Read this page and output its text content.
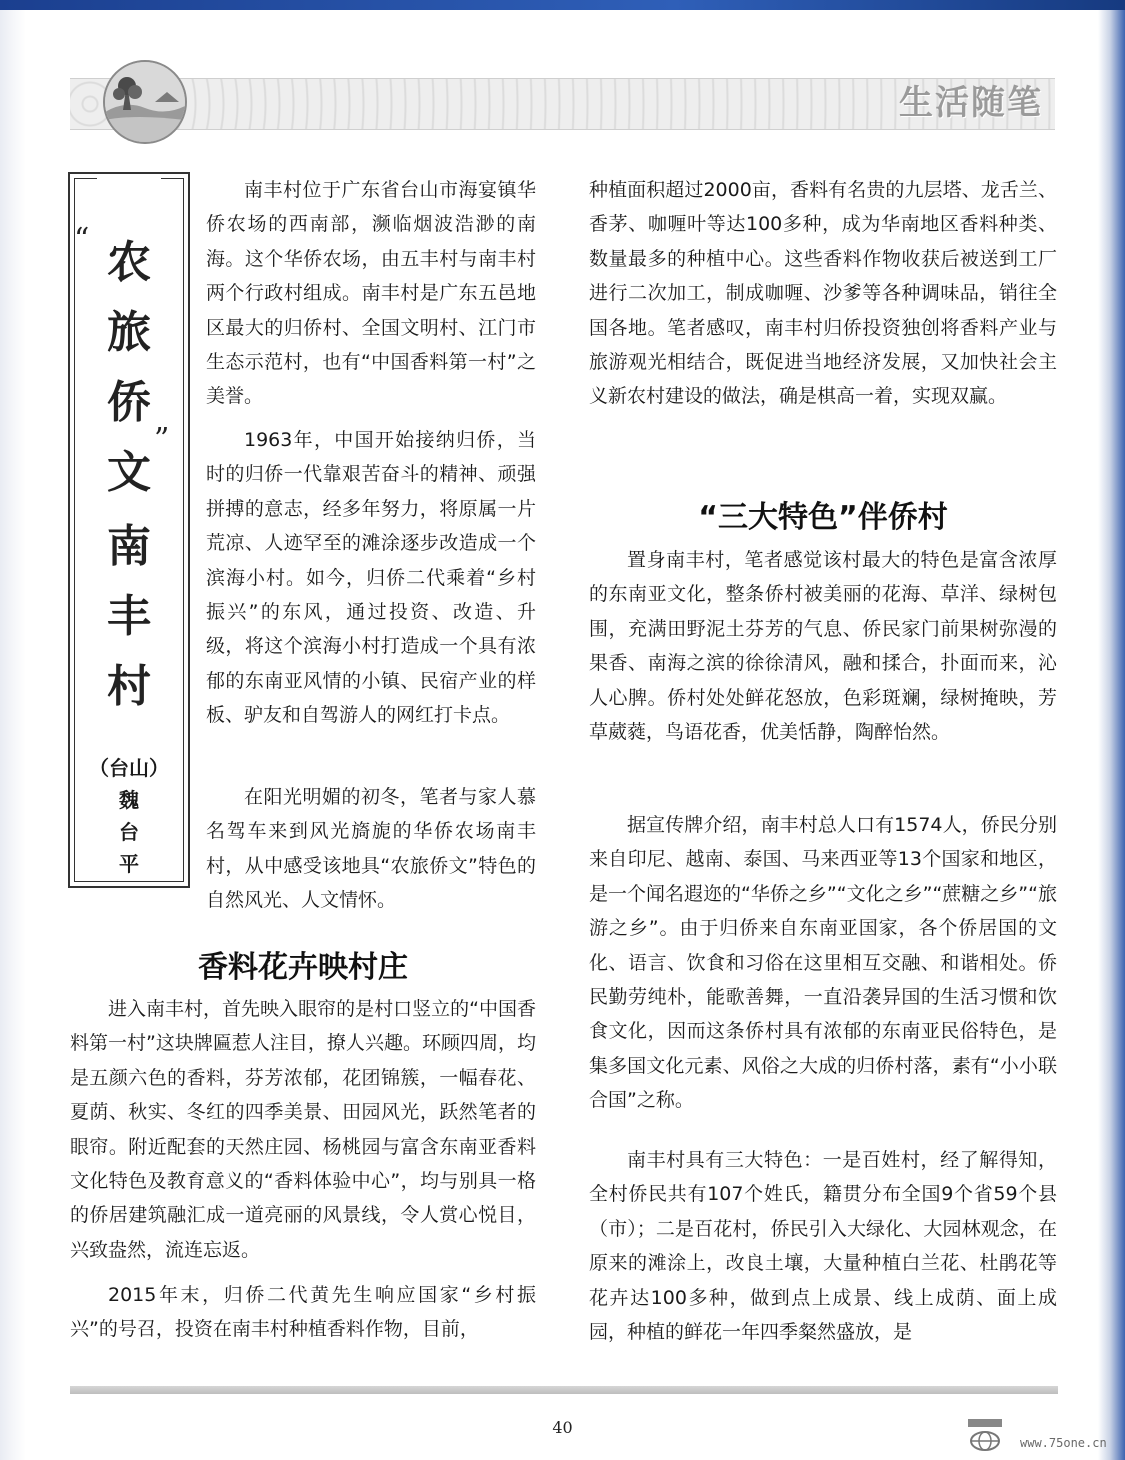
生活随笔
“ 农
旅
侨
文
”
南
丰
村
（台山）
魏
台
平

南丰村位于广东省台山市海宴镇华侨农场的西南部，濒临烟波浩渺的南海。这个华侨农场，由五丰村与南丰村两个行政村组成。南丰村是广东五邑地区最大的归侨村、全国文明村、江门市生态示范村，也有“中国香料第一村”之美誉。

1963年，中国开始接纳归侨，当时的归侨一代靠艰苦奋斗的精神、顽强拼搏的意志，经多年努力，将原属一片荒凉、人迹罕至的滩涂逐步改造成一个滨海小村。如今，归侨二代乘着“乡村振兴”的东风，通过投资、改造、升级，将这个滨海小村打造成一个具有浓郁的东南亚风情的小镇、民宿产业的样板、驴友和自驾游人的网红打卡点。

在阳光明媚的初冬，笔者与家人慕名驾车来到风光旖旎的华侨农场南丰村，从中感受该地具“农旅侨文”特色的自然风光、人文情怀。

香料花卉映村庄

进入南丰村，首先映入眼帘的是村口竖立的“中国香料第一村”这块牌匾惹人注目，撩人兴趣。环顾四周，均是五颜六色的香料，芬芳浓郁，花团锦簇，一幅春花、夏荫、秋实、冬红的四季美景、田园风光，跃然笔者的眼帘。附近配套的天然庄园、杨桃园与富含东南亚香料文化特色及教育意义的“香料体验中心”，均与别具一格的侨居建筑融汇成一道亮丽的风景线，令人赏心悦目，兴致盎然，流连忘返。

2015年末，归侨二代黄先生响应国家“乡村振兴”的号召，投资在南丰村种植香料作物，目前，

种植面积超过2000亩，香料有名贵的九层塔、龙舌兰、香茅、咖喱叶等达100多种，成为华南地区香料种类、数量最多的种植中心。这些香料作物收获后被送到工厂进行二次加工，制成咖喱、沙爹等各种调味品，销往全国各地。笔者感叹，南丰村归侨投资独创将香料产业与旅游观光相结合，既促进当地经济发展，又加快社会主义新农村建设的做法，确是棋高一着，实现双赢。

“三大特色”伴侨村

置身南丰村，笔者感觉该村最大的特色是富含浓厚的东南亚文化，整条侨村被美丽的花海、草洋、绿树包围，充满田野泥土芬芳的气息、侨民家门前果树弥漫的果香、南海之滨的徐徐清风，融和揉合，扑面而来，沁人心脾。侨村处处鲜花怒放，色彩斑斓，绿树掩映，芳草葳蕤，鸟语花香，优美恬静，陶醉怡然。

据宣传牌介绍，南丰村总人口有1574人，侨民分别来自印尼、越南、泰国、马来西亚等13个国家和地区，是一个闻名遐迩的“华侨之乡”“文化之乡”“蔗糖之乡”“旅游之乡”。由于归侨来自东南亚国家，各个侨居国的文化、语言、饮食和习俗在这里相互交融、和谐相处。侨民勤劳纯朴，能歌善舞，一直沿袭异国的生活习惯和饮食文化，因而这条侨村具有浓郁的东南亚民俗特色，是集多国文化元素、风俗之大成的归侨村落，素有“小小联合国”之称。

南丰村具有三大特色：一是百姓村，经了解得知，全村侨民共有107个姓氏，籍贯分布全国9个省59个县（市）；二是百花村，侨民引入大绿化、大园林观念，在原来的滩涂上，改良土壤，大量种植白兰花、杜鹃花等花卉达100多种，做到点上成景、线上成荫、面上成园，种植的鲜花一年四季粲然盛放，是

40
www.75one.cn
